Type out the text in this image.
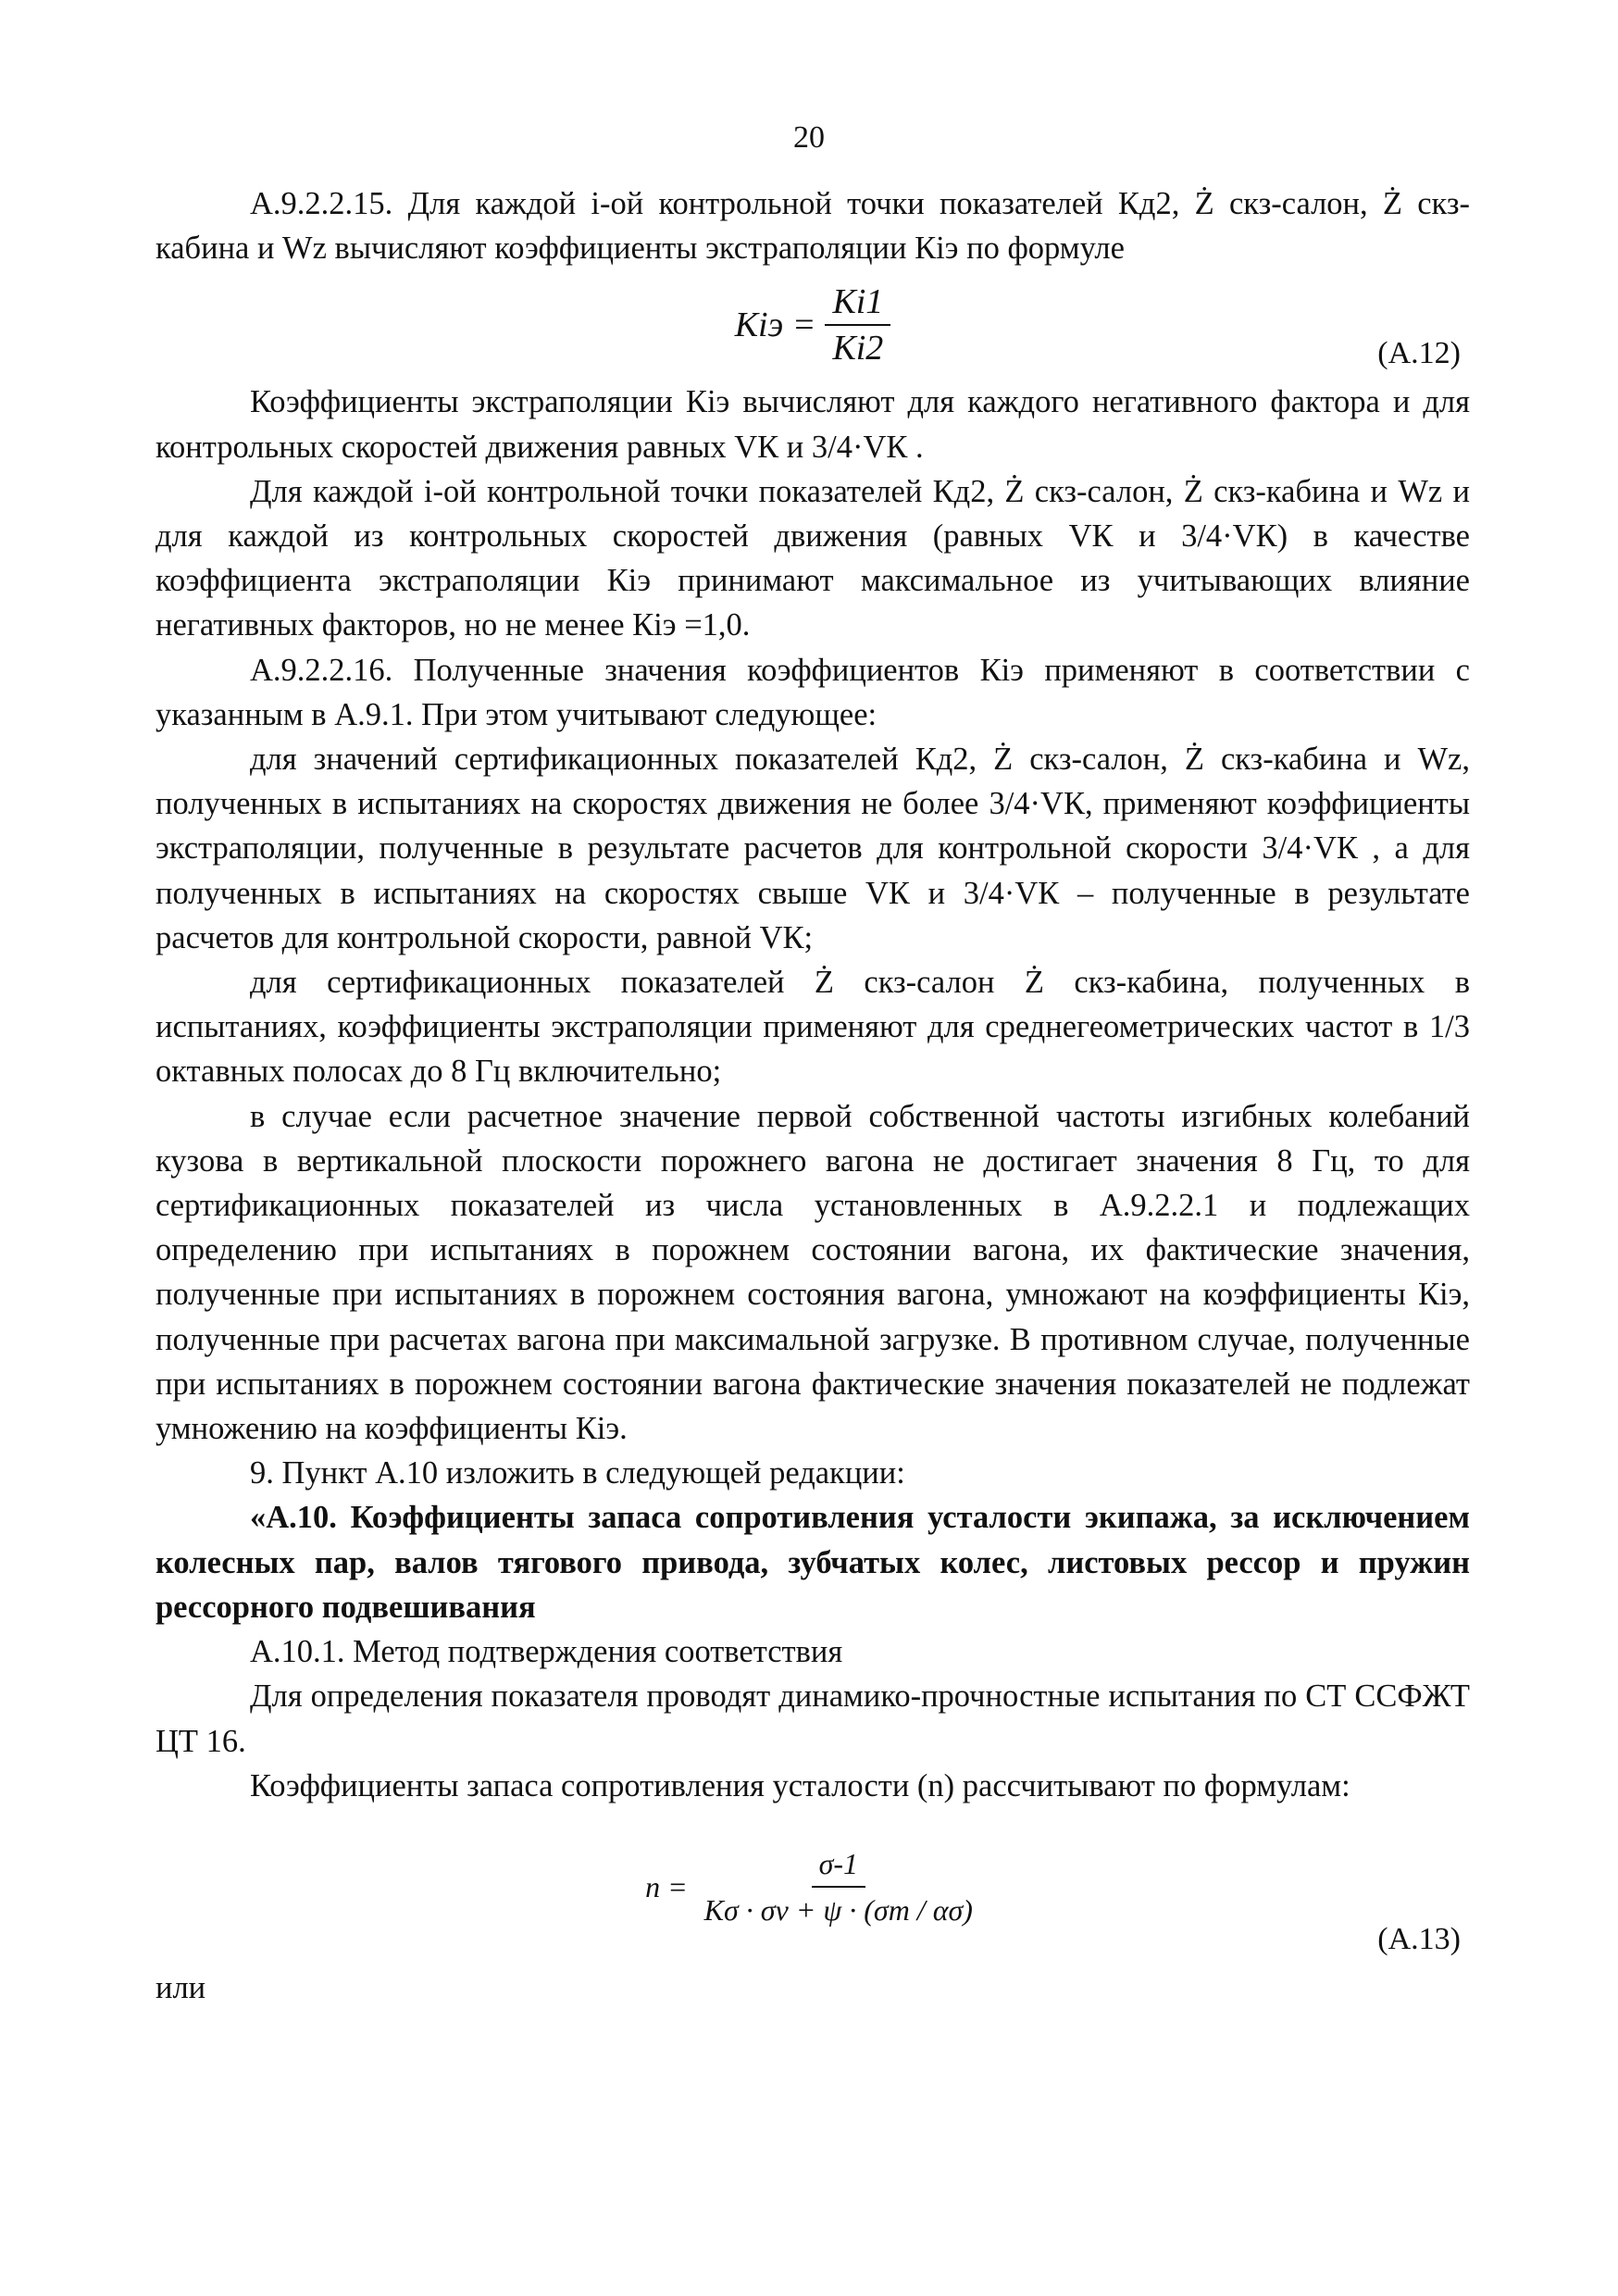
20

А.9.2.2.15. Для каждой i-ой контрольной точки показателей Кд2, Ż скз-салон, Ż скз-кабина и Wz вычисляют коэффициенты экстраполяции Кiэ по формуле

Кiэ = $\frac{Кi1}{Кi2}$	(А.12)

Коэффициенты экстраполяции Кiэ вычисляют для каждого негативного фактора и для контрольных скоростей движения равных VК и 3/4·VК .

Для каждой i-ой контрольной точки показателей Кд2, Ż скз-салон, Ż скз-кабина и Wz и для каждой из контрольных скоростей движения (равных VК и 3/4·VК) в качестве коэффициента экстраполяции Кiэ принимают максимальное из учитывающих влияние негативных факторов, но не менее Кiэ =1,0.

А.9.2.2.16. Полученные значения коэффициентов Кiэ применяют в соответствии с указанным в А.9.1. При этом учитывают следующее:

для значений сертификационных показателей Кд2, Ż скз-салон, Ż скз-кабина и Wz, полученных в испытаниях на скоростях движения не более 3/4·VК, применяют коэффициенты экстраполяции, полученные в результате расчетов для контрольной скорости 3/4·VК , а для полученных в испытаниях на скоростях свыше VК и 3/4·VК – полученные в результате расчетов для контрольной скорости, равной VК;

для сертификационных показателей Ż скз-салон Ż скз-кабина, полученных в испытаниях, коэффициенты экстраполяции применяют для среднегеометрических частот в 1/3 октавных полосах до 8 Гц включительно;

в случае если расчетное значение первой собственной частоты изгибных колебаний кузова в вертикальной плоскости порожнего вагона не достигает значения 8 Гц, то для сертификационных показателей из числа установленных в А.9.2.2.1 и подлежащих определению при испытаниях в порожнем состоянии вагона, их фактические значения, полученные при испытаниях в порожнем состояния вагона, умножают на коэффициенты Кiэ, полученные при расчетах вагона при максимальной загрузке. В противном случае, полученные при испытаниях в порожнем состоянии вагона фактические значения показателей не подлежат умножению на коэффициенты Кiэ.

9. Пункт А.10 изложить в следующей редакции:

«А.10. Коэффициенты запаса сопротивления усталости экипажа, за исключением колесных пар, валов тягового привода, зубчатых колес, листовых рессор и пружин рессорного подвешивания

А.10.1. Метод подтверждения соответствия

Для определения показателя проводят динамико-прочностные испытания по СТ ССФЖТ ЦТ 16.

Коэффициенты запаса сопротивления усталости (n) рассчитывают по формулам:

$n = \frac{\sigma-1}{K\sigma \cdot \sigma v + \psi \cdot (\sigma m / \alpha\sigma)}$
(А.13)

или
